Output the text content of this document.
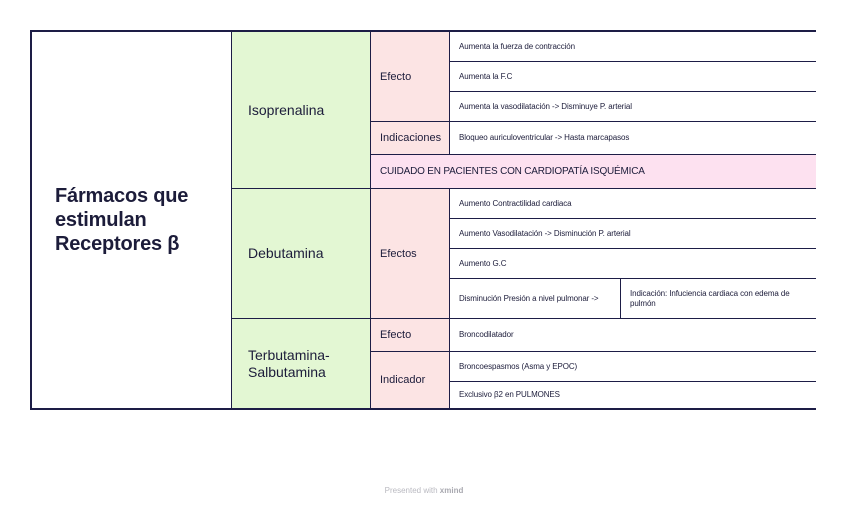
Fármacos que
estimulan
Receptores β
Isoprenalina
Efecto
Aumenta la fuerza de contracción
Aumenta la F.C
Aumenta la vasodilatación -> Disminuye P. arterial
Indicaciones Bloqueo auriculoventricular -> Hasta marcapasos
CUIDADO EN PACIENTES CON CARDIOPATÍA ISQUÉMICA
Debutamina	Efectos
Aumento Contractilidad cardiaca
Aumento Vasodilatación -> Disminución P. arterial
Aumento G.C
Disminución Presión a nivel pulmonar ->
Indicación: Infuciencia cardiaca con edema de pulmón
Terbutamina-
Salbutamina
Efecto	Broncodilatador
Indicador
Broncoespasmos (Asma y EPOC)
Exclusivo β2 en PULMONES
Presented with xmind
